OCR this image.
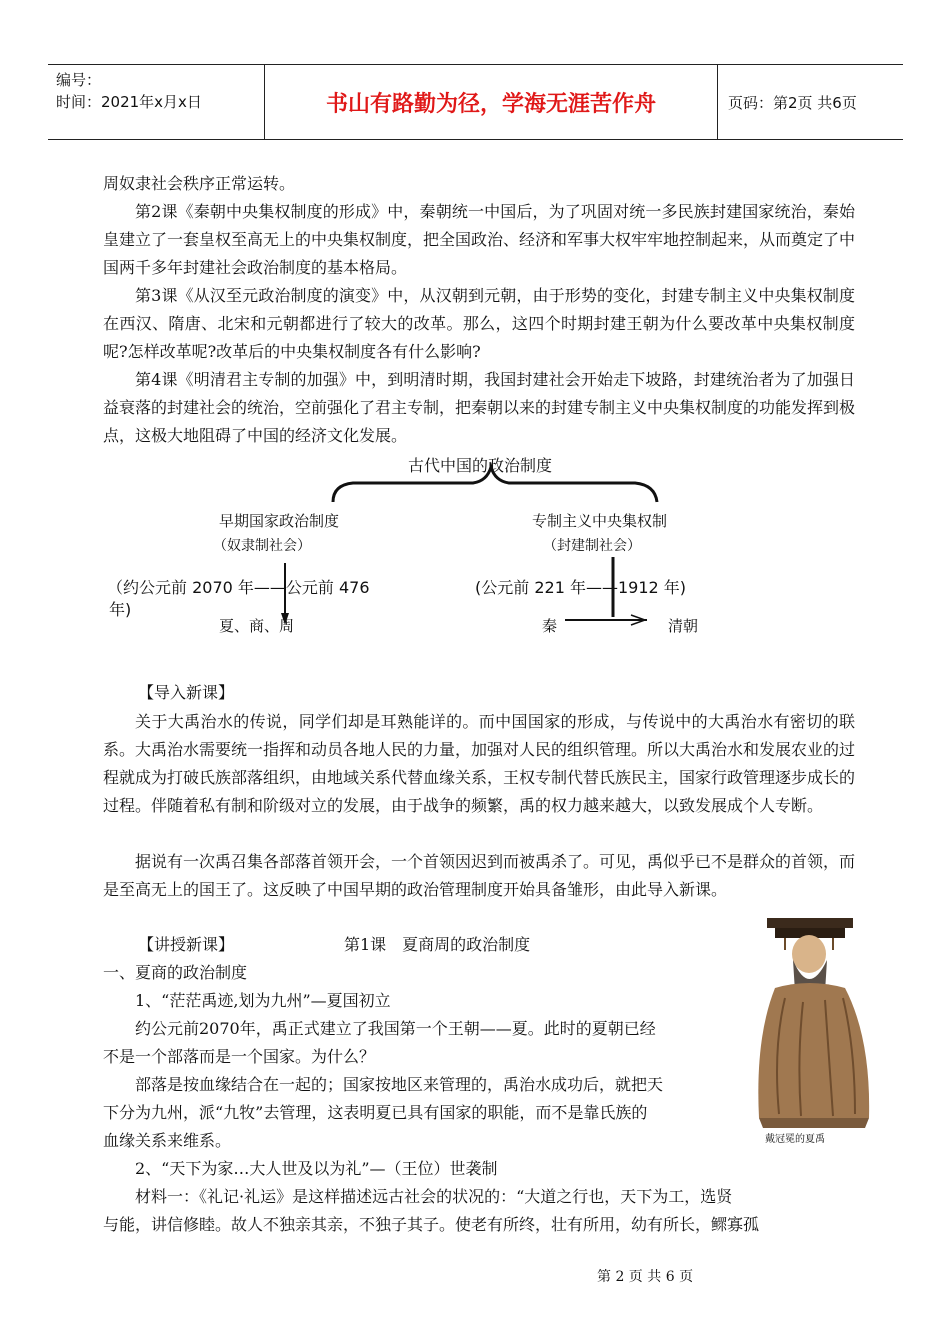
编号：
时间：2021年x月x日	书山有路勤为径，学海无涯苦作舟	页码：第2页 共6页
周奴隶社会秩序正常运转。
第2课《秦朝中央集权制度的形成》中，秦朝统一中国后，为了巩固对统一多民族封建国家统治，秦始皇建立了一套皇权至高无上的中央集权制度，把全国政治、经济和军事大权牢牢地控制起来，从而奠定了中国两千多年封建社会政治制度的基本格局。
第3课《从汉至元政治制度的演变》中，从汉朝到元朝，由于形势的变化，封建专制主义中央集权制度在西汉、隋唐、北宋和元朝都进行了较大的改革。那么，这四个时期封建王朝为什么要改革中央集权制度呢?怎样改革呢?改革后的中央集权制度各有什么影响?
第4课《明清君主专制的加强》中，到明清时期，我国封建社会开始走下坡路，封建统治者为了加强日益衰落的封建社会的统治，空前强化了君主专制，把秦朝以来的封建专制主义中央集权制度的功能发挥到极点，这极大地阻碍了中国的经济文化发展。
古代中国的政治制度
早期国家政治制度
（奴隶制社会）
（约公元前 2070 年——公元前 476
年)
夏、商、周
专制主义中央集权制
（封建制社会）
(公元前 221 年——1912 年)
秦	清朝
【导入新课】
关于大禹治水的传说，同学们却是耳熟能详的。而中国国家的形成，与传说中的大禹治水有密切的联系。大禹治水需要统一指挥和动员各地人民的力量，加强对人民的组织管理。所以大禹治水和发展农业的过程就成为打破氏族部落组织，由地域关系代替血缘关系，王权专制代替氏族民主，国家行政管理逐步成长的过程。伴随着私有制和阶级对立的发展，由于战争的频繁，禹的权力越来越大，以致发展成个人专断。
据说有一次禹召集各部落首领开会，一个首领因迟到而被禹杀了。可见，禹似乎已不是群众的首领，而是至高无上的国王了。这反映了中国早期的政治管理制度开始具备雏形，由此导入新课。
【讲授新课】	第1课　夏商周的政治制度
一、夏商的政治制度
1、“茫茫禹迹,划为九州”—夏国初立
约公元前2070年，禹正式建立了我国第一个王朝——夏。此时的夏朝已经
不是一个部落而是一个国家。为什么？
部落是按血缘结合在一起的；国家按地区来管理的，禹治水成功后，就把天
下分为九州，派“九牧”去管理，这表明夏已具有国家的职能，而不是靠氏族的
血缘关系来维系。
2、“天下为家…大人世及以为礼”—（王位）世袭制
材料一：《礼记·礼运》是这样描述远古社会的状况的：“大道之行也，天下为工，选贤
与能，讲信修睦。故人不独亲其亲，不独子其子。使老有所终，壮有所用，幼有所长，鳏寡孤
戴冠冕的夏禹
第 2 页 共 6 页
